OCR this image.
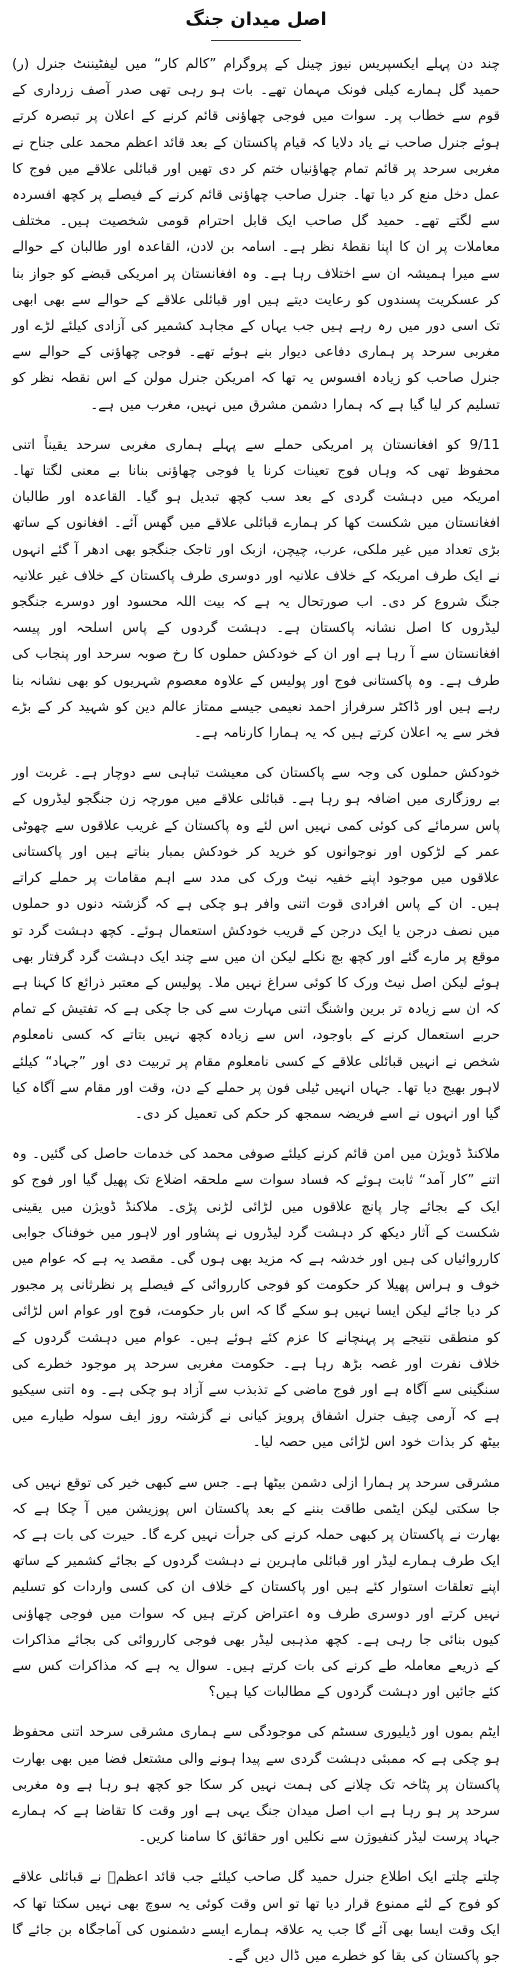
اصل میدان جنگ

چند دن پہلے ایکسپریس نیوز چینل کے پروگرام ”کالم کار“ میں لیفٹیننٹ جنرل (ر) حمید گل ہمارے کیلی فونک مہمان تھے۔ بات ہو رہی تھی صدر آصف زرداری کے قوم سے خطاب پر۔ سوات میں فوجی چھاؤنی قائم کرنے کے اعلان پر تبصرہ کرتے ہوئے جنرل صاحب نے یاد دلایا کہ قیام پاکستان کے بعد قائد اعظم محمد علی جناح نے مغربی سرحد پر قائم تمام چھاؤنیاں ختم کر دی تھیں اور قبائلی علاقے میں فوج کا عمل دخل منع کر دیا تھا۔ جنرل صاحب چھاؤنی قائم کرنے کے فیصلے پر کچھ افسردہ سے لگتے تھے۔ حمید گل صاحب ایک قابل احترام قومی شخصیت ہیں۔ مختلف معاملات پر ان کا اپنا نقطۂ نظر ہے۔ اسامہ بن لادن، القاعدہ اور طالبان کے حوالے سے میرا ہمیشہ ان سے اختلاف رہا ہے۔ وہ افغانستان پر امریکی قبضے کو جواز بنا کر عسکریت پسندوں کو رعایت دیتے ہیں اور قبائلی علاقے کے حوالے سے بھی ابھی تک اسی دور میں رہ رہے ہیں جب یہاں کے مجاہد کشمیر کی آزادی کیلئے لڑے اور مغربی سرحد پر ہماری دفاعی دیوار بنے ہوئے تھے۔ فوجی چھاؤنی کے حوالے سے جنرل صاحب کو زیادہ افسوس یہ تھا کہ امریکن جنرل مولن کے اس نقطہ نظر کو تسلیم کر لیا گیا ہے کہ ہمارا دشمن مشرق میں نہیں، مغرب میں ہے۔

9/11 کو افغانستان پر امریکی حملے سے پہلے ہماری مغربی سرحد یقیناً اتنی محفوظ تھی کہ وہاں فوج تعینات کرنا یا فوجی چھاؤنی بنانا بے معنی لگتا تھا۔ امریکہ میں دہشت گردی کے بعد سب کچھ تبدیل ہو گیا۔ القاعدہ اور طالبان افغانستان میں شکست کھا کر ہمارے قبائلی علاقے میں گھس آئے۔ افغانوں کے ساتھ بڑی تعداد میں غیر ملکی، عرب، چیچن، ازبک اور تاجک جنگجو بھی ادھر آ گئے انہوں نے ایک طرف امریکہ کے خلاف علانیہ اور دوسری طرف پاکستان کے خلاف غیر علانیہ جنگ شروع کر دی۔ اب صورتحال یہ ہے کہ بیت اللہ محسود اور دوسرے جنگجو لیڈروں کا اصل نشانہ پاکستان ہے۔ دہشت گردوں کے پاس اسلحہ اور پیسہ افغانستان سے آ رہا ہے اور ان کے خودکش حملوں کا رخ صوبہ سرحد اور پنجاب کی طرف ہے۔ وہ پاکستانی فوج اور پولیس کے علاوہ معصوم شہریوں کو بھی نشانہ بنا رہے ہیں اور ڈاکٹر سرفراز احمد نعیمی جیسے ممتاز عالم دین کو شہید کر کے بڑے فخر سے یہ اعلان کرتے ہیں کہ یہ ہمارا کارنامہ ہے۔

خودکش حملوں کی وجہ سے پاکستان کی معیشت تباہی سے دوچار ہے۔ غربت اور بے روزگاری میں اضافہ ہو رہا ہے۔ قبائلی علاقے میں مورچہ زن جنگجو لیڈروں کے پاس سرمائے کی کوئی کمی نہیں اس لئے وہ پاکستان کے غریب علاقوں سے چھوٹی عمر کے لڑکوں اور نوجوانوں کو خرید کر خودکش بمبار بناتے ہیں اور پاکستانی علاقوں میں موجود اپنے خفیہ نیٹ ورک کی مدد سے اہم مقامات پر حملے کراتے ہیں۔ ان کے پاس افرادی قوت اتنی وافر ہو چکی ہے کہ گزشتہ دنوں دو حملوں میں نصف درجن یا ایک درجن کے قریب خودکش استعمال ہوئے۔ کچھ دہشت گرد تو موقع پر مارے گئے اور کچھ بچ نکلے لیکن ان میں سے چند ایک دہشت گرد گرفتار بھی ہوئے لیکن اصل نیٹ ورک کا کوئی سراغ نہیں ملا۔ پولیس کے معتبر ذرائع کا کہنا ہے کہ ان سے زیادہ تر برین واشنگ اتنی مہارت سے کی جا چکی ہے کہ تفتیش کے تمام حربے استعمال کرنے کے باوجود، اس سے زیادہ کچھ نہیں بتاتے کہ کسی نامعلوم شخص نے انہیں قبائلی علاقے کے کسی نامعلوم مقام پر تربیت دی اور ”جہاد“ کیلئے لاہور بھیج دیا تھا۔ جہاں انہیں ٹیلی فون پر حملے کے دن، وقت اور مقام سے آگاہ کیا گیا اور انہوں نے اسے فریضہ سمجھ کر حکم کی تعمیل کر دی۔

ملاکنڈ ڈویژن میں امن قائم کرنے کیلئے صوفی محمد کی خدمات حاصل کی گئیں۔ وہ اتنے ”کار آمد“ ثابت ہوئے کہ فساد سوات سے ملحقہ اضلاع تک پھیل گیا اور فوج کو ایک کے بجائے چار پانچ علاقوں میں لڑائی لڑنی پڑی۔ ملاکنڈ ڈویژن میں یقینی شکست کے آثار دیکھ کر دہشت گرد لیڈروں نے پشاور اور لاہور میں خوفناک جوابی کارروائیاں کی ہیں اور خدشہ ہے کہ مزید بھی ہوں گی۔ مقصد یہ ہے کہ عوام میں خوف و ہراس پھیلا کر حکومت کو فوجی کارروائی کے فیصلے پر نظرثانی پر مجبور کر دیا جائے لیکن ایسا نہیں ہو سکے گا کہ اس بار حکومت، فوج اور عوام اس لڑائی کو منطقی نتیجے پر پہنچانے کا عزم کئے ہوئے ہیں۔ عوام میں دہشت گردوں کے خلاف نفرت اور غصہ بڑھ رہا ہے۔ حکومت مغربی سرحد پر موجود خطرے کی سنگینی سے آگاہ ہے اور فوج ماضی کے تذبذب سے آزاد ہو چکی ہے۔ وہ اتنی سیکیو ہے کہ آرمی چیف جنرل اشفاق پرویز کیانی نے گزشتہ روز ایف سولہ طیارے میں بیٹھ کر بذات خود اس لڑائی میں حصہ لیا۔

مشرقی سرحد پر ہمارا ازلی دشمن بیٹھا ہے۔ جس سے کبھی خیر کی توقع نہیں کی جا سکتی لیکن ایٹمی طاقت بننے کے بعد پاکستان اس پوزیشن میں آ چکا ہے کہ بھارت نے پاکستان پر کبھی حملہ کرنے کی جرأت نہیں کرے گا۔ حیرت کی بات ہے کہ ایک طرف ہمارے لیڈر اور قبائلی ماہرین نے دہشت گردوں کے بجائے کشمیر کے ساتھ اپنے تعلقات استوار کئے ہیں اور پاکستان کے خلاف ان کی کسی واردات کو تسلیم نہیں کرتے اور دوسری طرف وہ اعتراض کرتے ہیں کہ سوات میں فوجی چھاؤنی کیوں بنائی جا رہی ہے۔ کچھ مذہبی لیڈر بھی فوجی کارروائی کی بجائے مذاکرات کے ذریعے معاملہ طے کرنے کی بات کرتے ہیں۔ سوال یہ ہے کہ مذاکرات کس سے کئے جائیں اور دہشت گردوں کے مطالبات کیا ہیں؟

ایٹم بموں اور ڈیلیوری سسٹم کی موجودگی سے ہماری مشرقی سرحد اتنی محفوظ ہو چکی ہے کہ ممبئی دہشت گردی سے پیدا ہونے والی مشتعل فضا میں بھی بھارت پاکستان پر پٹاخہ تک چلانے کی ہمت نہیں کر سکا جو کچھ ہو رہا ہے وہ مغربی سرحد پر ہو رہا ہے اب اصل میدان جنگ یہی ہے اور وقت کا تقاضا ہے کہ ہمارے جہاد پرست لیڈر کنفیوژن سے نکلیں اور حقائق کا سامنا کریں۔

چلتے چلتے ایک اطلاع جنرل حمید گل صاحب کیلئے جب قائد اعظمؒ نے قبائلی علاقے کو فوج کے لئے ممنوع قرار دیا تھا تو اس وقت کوئی یہ سوچ بھی نہیں سکتا تھا کہ ایک وقت ایسا بھی آئے گا جب یہ علاقہ ہمارے ایسے دشمنوں کی آماجگاہ بن جائے گا جو پاکستان کی بقا کو خطرے میں ڈال دیں گے۔
